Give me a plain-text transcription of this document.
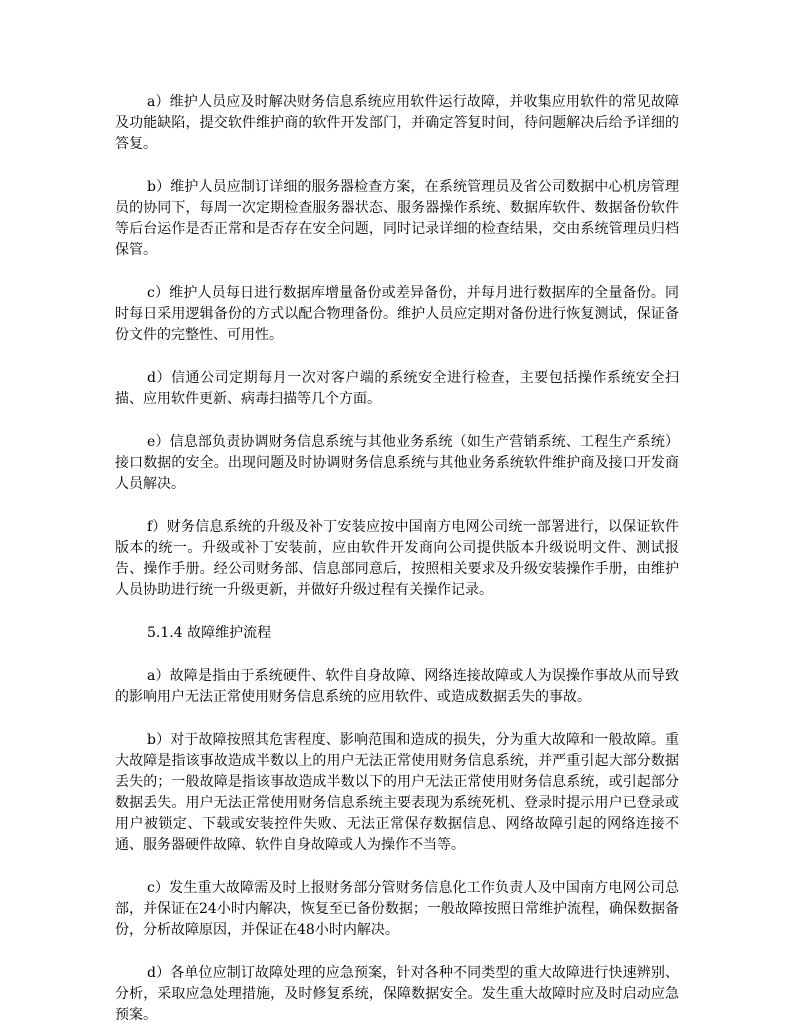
a）维护人员应及时解决财务信息系统应用软件运行故障，并收集应用软件的常见故障及功能缺陷，提交软件维护商的软件开发部门，并确定答复时间，待问题解决后给予详细的答复。

b）维护人员应制订详细的服务器检查方案，在系统管理员及省公司数据中心机房管理员的协同下，每周一次定期检查服务器状态、服务器操作系统、数据库软件、数据备份软件等后台运作是否正常和是否存在安全问题，同时记录详细的检查结果，交由系统管理员归档保管。

c）维护人员每日进行数据库增量备份或差异备份，并每月进行数据库的全量备份。同时每日采用逻辑备份的方式以配合物理备份。维护人员应定期对备份进行恢复测试，保证备份文件的完整性、可用性。

d）信通公司定期每月一次对客户端的系统安全进行检查，主要包括操作系统安全扫描、应用软件更新、病毒扫描等几个方面。

e）信息部负责协调财务信息系统与其他业务系统（如生产营销系统、工程生产系统）接口数据的安全。出现问题及时协调财务信息系统与其他业务系统软件维护商及接口开发商人员解决。

f）财务信息系统的升级及补丁安装应按中国南方电网公司统一部署进行，以保证软件版本的统一。升级或补丁安装前，应由软件开发商向公司提供版本升级说明文件、测试报告、操作手册。经公司财务部、信息部同意后，按照相关要求及升级安装操作手册，由维护人员协助进行统一升级更新，并做好升级过程有关操作记录。

5.1.4 故障维护流程

a）故障是指由于系统硬件、软件自身故障、网络连接故障或人为误操作事故从而导致的影响用户无法正常使用财务信息系统的应用软件、或造成数据丢失的事故。

b）对于故障按照其危害程度、影响范围和造成的损失，分为重大故障和一般故障。重大故障是指该事故造成半数以上的用户无法正常使用财务信息系统，并严重引起大部分数据丢失的；一般故障是指该事故造成半数以下的用户无法正常使用财务信息系统，或引起部分数据丢失。用户无法正常使用财务信息系统主要表现为系统死机、登录时提示用户已登录或用户被锁定、下载或安装控件失败、无法正常保存数据信息、网络故障引起的网络连接不通、服务器硬件故障、软件自身故障或人为操作不当等。

c）发生重大故障需及时上报财务部分管财务信息化工作负责人及中国南方电网公司总部，并保证在24小时内解决，恢复至已备份数据；一般故障按照日常维护流程，确保数据备份，分析故障原因，并保证在48小时内解决。

d）各单位应制订故障处理的应急预案，针对各种不同类型的重大故障进行快速辨别、分析，采取应急处理措施，及时修复系统，保障数据安全。发生重大故障时应及时启动应急预案。
